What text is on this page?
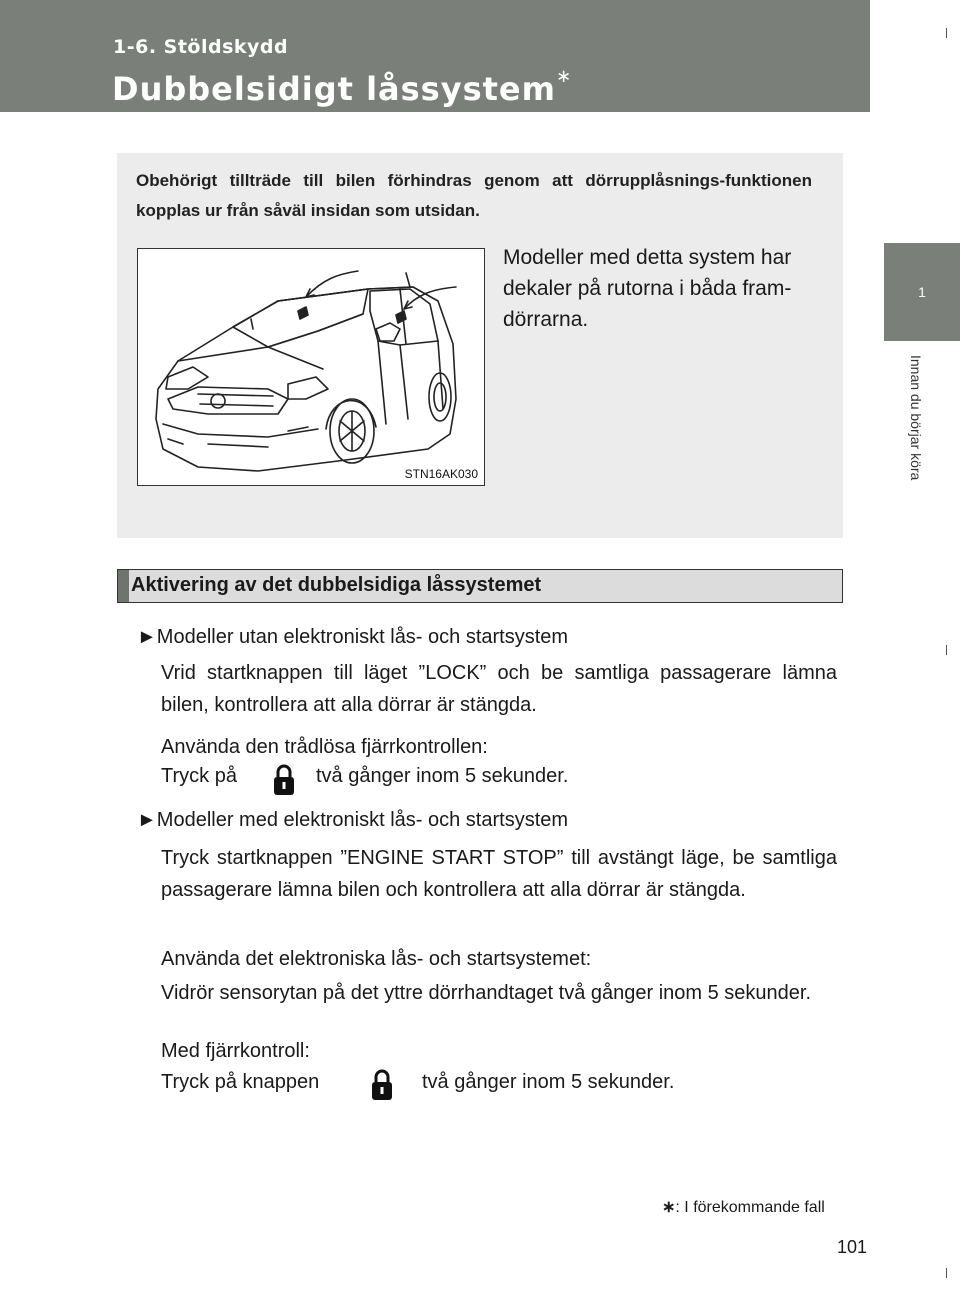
1-6. Stöldskydd
Dubbelsidigt låssystem∗
1
Innan du börjar köra
Obehörigt tillträde till bilen förhindras genom att dörrupplåsnings-funktionen kopplas ur från såväl insidan som utsidan.
STN16AK030
Modeller med detta system har dekaler på rutorna i båda fram-dörrarna.
Aktivering av det dubbelsidiga låssystemet
►Modeller utan elektroniskt lås- och startsystem
Vrid startknappen till läget ”LOCK” och be samtliga passagerare lämna bilen, kontrollera att alla dörrar är stängda.
Använda den trådlösa fjärrkontrollen:
Tryck på	två gånger inom 5 sekunder.
►Modeller med elektroniskt lås- och startsystem
Tryck startknappen ”ENGINE START STOP” till avstängt läge, be samtliga passagerare lämna bilen och kontrollera att alla dörrar är stängda.
Använda det elektroniska lås- och startsystemet:
Vidrör sensorytan på det yttre dörrhandtaget två gånger inom 5 sekunder.
Med fjärrkontroll:
Tryck på knappen	två gånger inom 5 sekunder.
∗: I förekommande fall
101
